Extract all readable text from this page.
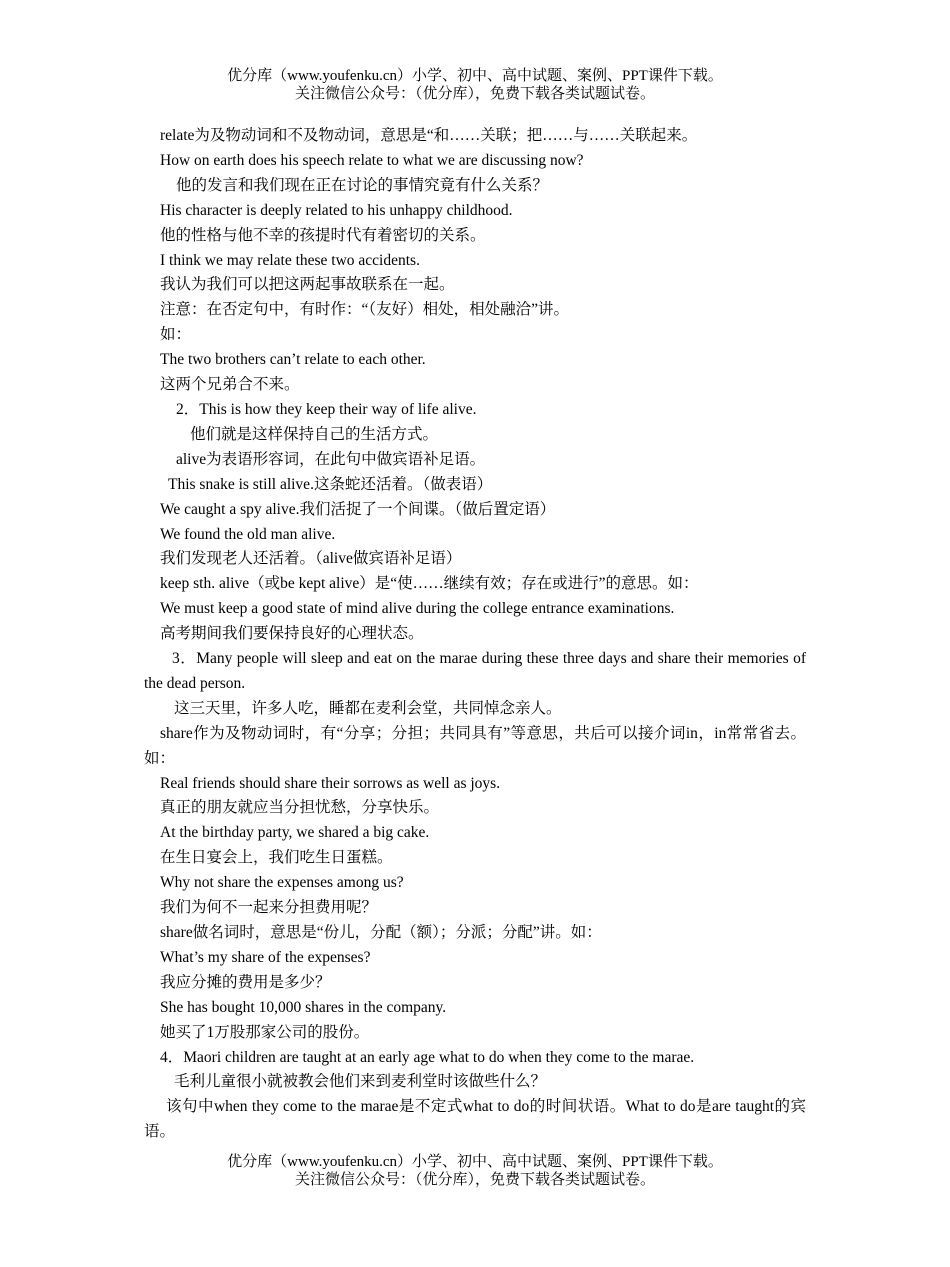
优分库（www.youfenku.cn）小学、初中、高中试题、案例、PPT课件下载。
关注微信公众号：（优分库），免费下载各类试题试卷。

relate为及物动词和不及物动词，意思是“和……关联；把……与……关联起来。

How on earth does his speech relate to what we are discussing now?

他的发言和我们现在正在讨论的事情究竟有什么关系？

His character is deeply related to his unhappy childhood.

他的性格与他不幸的孩提时代有着密切的关系。

I think we may relate these two accidents.

我认为我们可以把这两起事故联系在一起。

注意：在否定句中，有时作：“（友好）相处，相处融洽”讲。

如：

The two brothers can’t relate to each other.

这两个兄弟合不来。

2．This is how they keep their way of life alive.

他们就是这样保持自己的生活方式。

alive为表语形容词，在此句中做宾语补足语。

This snake is still alive.这条蛇还活着。（做表语）

We caught a spy alive.我们活捉了一个间谍。（做后置定语）

We found the old man alive.

我们发现老人还活着。（alive做宾语补足语）

keep sth. alive（或be kept alive）是“使……继续有效；存在或进行”的意思。如：

We must keep a good state of mind alive during the college entrance examinations.

高考期间我们要保持良好的心理状态。

3．Many people will sleep and eat on the marae during these three days and share their memories of the dead person.

这三天里，许多人吃，睡都在麦利会堂，共同悼念亲人。

share作为及物动词时，有“分享；分担；共同具有”等意思，共后可以接介词in，in常常省去。如：

Real friends should share their sorrows as well as joys.

真正的朋友就应当分担忧愁，分享快乐。

At the birthday party, we shared a big cake.

在生日宴会上，我们吃生日蛋糕。

Why not share the expenses among us?

我们为何不一起来分担费用呢？

share做名词时，意思是“份儿，分配（额）；分派；分配”讲。如：

What’s my share of the expenses?

我应分摊的费用是多少？

She has bought 10,000 shares in the company.

她买了1万股那家公司的股份。

4．Maori children are taught at an early age what to do when they come to the marae.

毛利儿童很小就被教会他们来到麦利堂时该做些什么？

该句中when they come to the marae是不定式what to do的时间状语。What to do是are taught的宾语。

优分库（www.youfenku.cn）小学、初中、高中试题、案例、PPT课件下载。
关注微信公众号：（优分库），免费下载各类试题试卷。
